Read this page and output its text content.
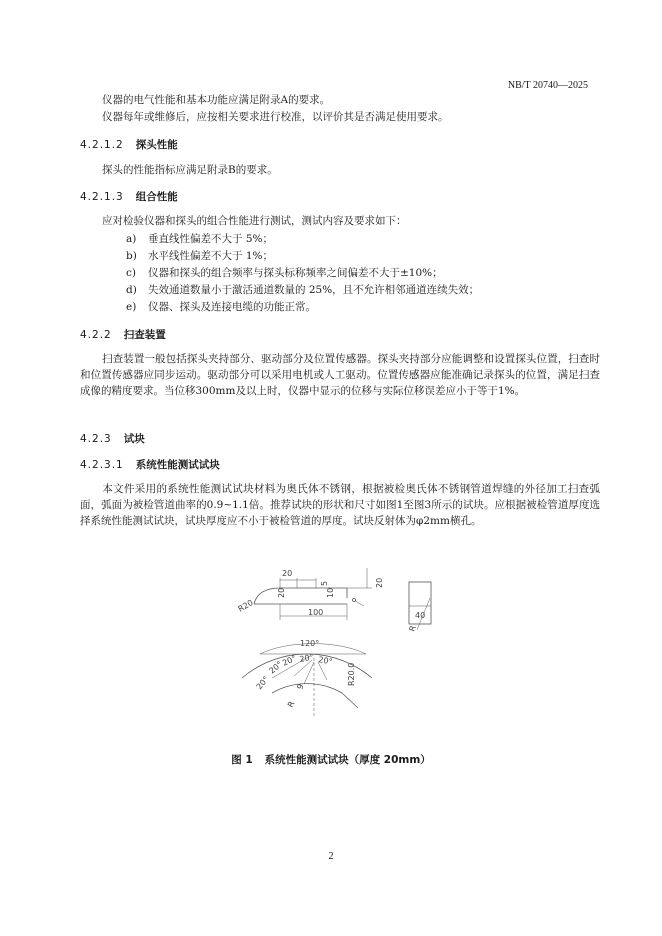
NB/T 20740—2025
仪器的电气性能和基本功能应满足附录A的要求。
仪器每年或维修后，应按相关要求进行校准，以评价其是否满足使用要求。
4.2.1.2 探头性能
探头的性能指标应满足附录B的要求。
4.2.1.3 组合性能
应对检验仪器和探头的组合性能进行测试，测试内容及要求如下：
a) 垂直线性偏差不大于 5%；
b) 水平线性偏差不大于 1%；
c) 仪器和探头的组合频率与探头标称频率之间偏差不大于±10%；
d) 失效通道数量小于激活通道数量的 25%，且不允许相邻通道连续失效；
e) 仪器、探头及连接电缆的功能正常。
4.2.2 扫查装置
扫查装置一般包括探头夹持部分、驱动部分及位置传感器。探头夹持部分应能调整和设置探头位置，扫查时和位置传感器应同步运动。驱动部分可以采用电机或人工驱动。位置传感器应能准确记录探头的位置，满足扫查成像的精度要求。当位移300mm及以上时，仪器中显示的位移与实际位移误差应小于等于1%。
4.2.3 试块
4.2.3.1 系统性能测试试块
本文件采用的系统性能测试试块材料为奥氏体不锈钢，根据被检奥氏体不锈钢管道焊缝的外径加工扫查弧面，弧面为被检管道曲率的0.9~1.1倍。推荐试块的形状和尺寸如图1至图3所示的试块。应根据被检管道厚度选择系统性能测试试块，试块厚度应不小于被检管道的厚度。试块反射体为φ2mm横孔。
R20
20
20	10
5	20
100	40
R
120°
20°
20° 20° 20°
20°
R
9
R20.0
图 1 系统性能测试试块（厚度 20mm）
2
